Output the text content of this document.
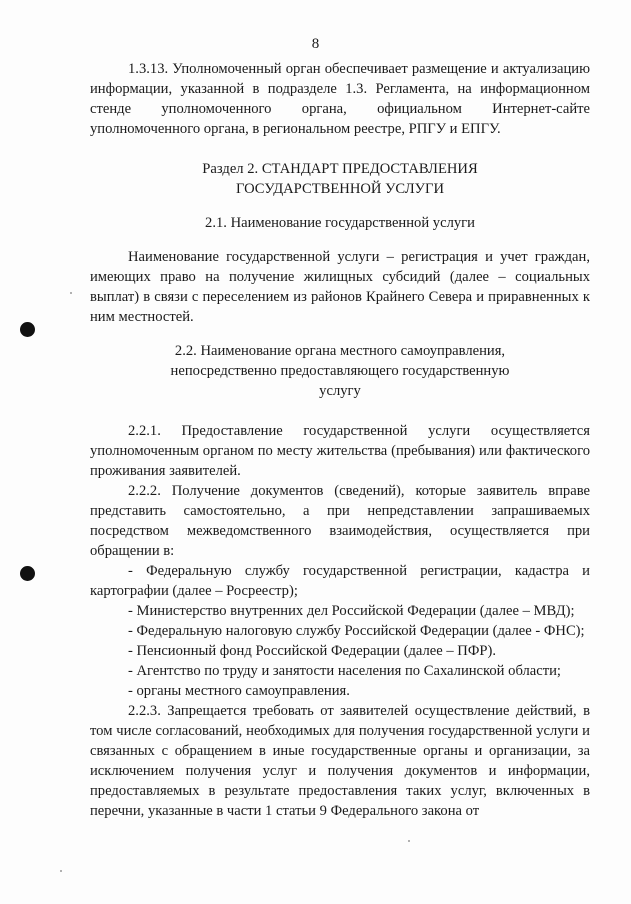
8

1.3.13. Уполномоченный орган обеспечивает размещение и актуализацию информации, указанной в подразделе 1.3. Регламента, на информационном стенде уполномоченного органа, официальном Интернет-сайте уполномоченного органа, в региональном реестре, РПГУ и ЕПГУ.

Раздел 2. СТАНДАРТ ПРЕДОСТАВЛЕНИЯ

ГОСУДАРСТВЕННОЙ УСЛУГИ

2.1. Наименование государственной услуги

Наименование государственной услуги – регистрация и учет граждан, имеющих право на получение жилищных субсидий (далее – социальных выплат) в связи с переселением из районов Крайнего Севера и приравненных к ним местностей.

2.2. Наименование органа местного самоуправления,

непосредственно предоставляющего государственную

услугу

2.2.1. Предоставление государственной услуги осуществляется уполномоченным органом по месту жительства (пребывания) или фактического проживания заявителей.

2.2.2. Получение документов (сведений), которые заявитель вправе представить самостоятельно, а при непредставлении запрашиваемых посредством межведомственного взаимодействия, осуществляется при обращении в:

- Федеральную службу государственной регистрации, кадастра и картографии (далее – Росреестр);

- Министерство внутренних дел Российской Федерации (далее – МВД);

- Федеральную налоговую службу Российской Федерации (далее - ФНС);

- Пенсионный фонд Российской Федерации (далее – ПФР).

- Агентство по труду и занятости населения по Сахалинской области;

- органы местного самоуправления.

2.2.3. Запрещается требовать от заявителей осуществление действий, в том числе согласований, необходимых для получения государственной услуги и связанных с обращением в иные государственные органы и организации, за исключением получения услуг и получения документов и информации, предоставляемых в результате предоставления таких услуг, включенных в перечни, указанные в части 1 статьи 9 Федерального закона от
